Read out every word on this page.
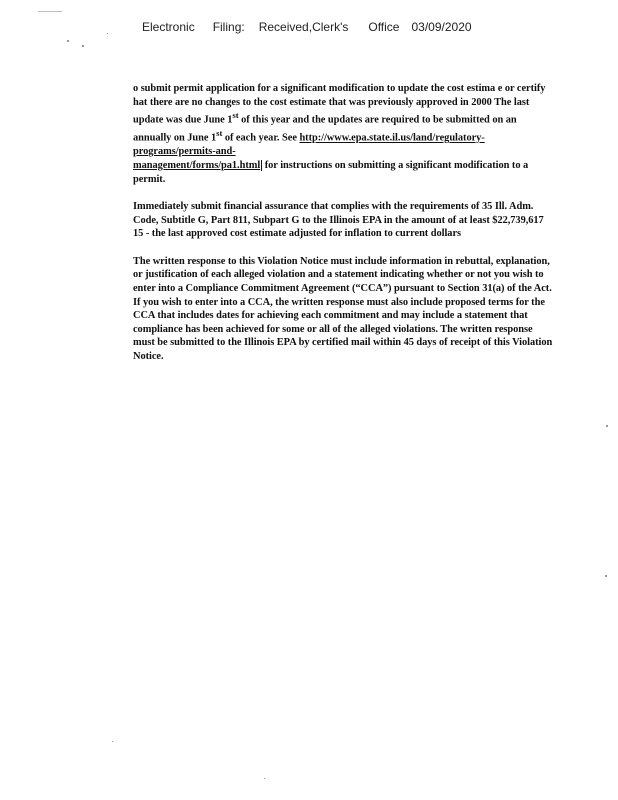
Electronic Filing: Received,Clerk's Office 03/09/2020

o submit permit application for a significant modification to update the cost estima e or certify hat there are no changes to the cost estimate that was previously approved in 2000 The last update was due June 1st of this year and the updates are required to be submitted on an annually on June 1st of each year. See http://www.epa.state.il.us/land/regulatory-programs/permits-and-
management/forms/pa1.html for instructions on submitting a significant modification to a permit.

Immediately submit financial assurance that complies with the requirements of 35 Ill. Adm. Code, Subtitle G, Part 811, Subpart G to the Illinois EPA in the amount of at least $22,739,617 15 - the last approved cost estimate adjusted for inflation to current dollars

The written response to this Violation Notice must include information in rebuttal, explanation, or justification of each alleged violation and a statement indicating whether or not you wish to enter into a Compliance Commitment Agreement (“CCA”) pursuant to Section 31(a) of the Act. If you wish to enter into a CCA, the written response must also include proposed terms for the CCA that includes dates for achieving each commitment and may include a statement that compliance has been achieved for some or all of the alleged violations. The written response must be submitted to the Illinois EPA by certified mail within 45 days of receipt of this Violation Notice.
